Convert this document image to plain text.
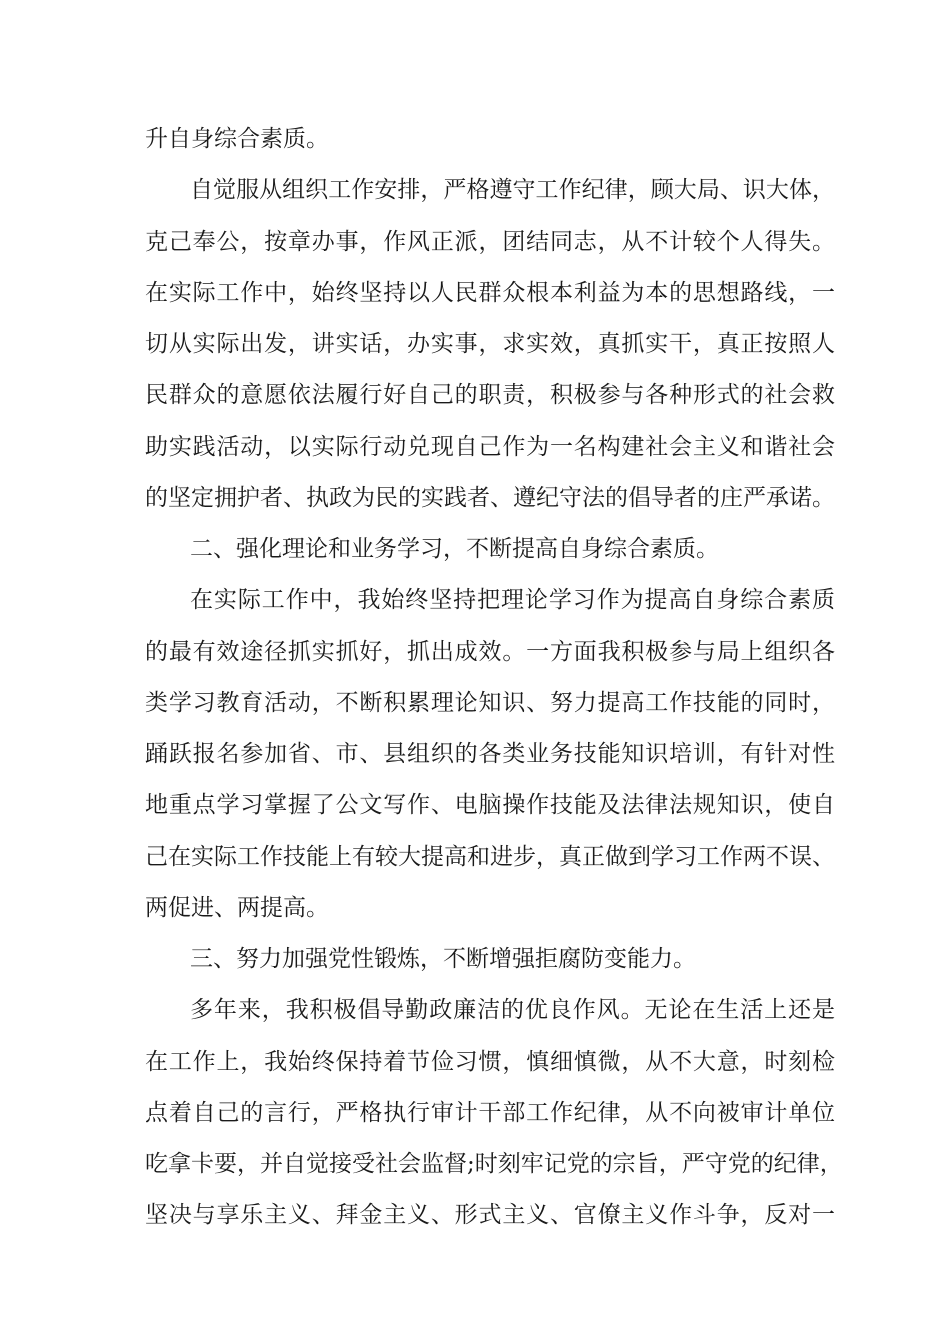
升自身综合素质。
自觉服从组织工作安排，严格遵守工作纪律，顾大局、识大体，
克己奉公，按章办事，作风正派，团结同志，从不计较个人得失。
在实际工作中，始终坚持以人民群众根本利益为本的思想路线，一
切从实际出发，讲实话，办实事，求实效，真抓实干，真正按照人
民群众的意愿依法履行好自己的职责，积极参与各种形式的社会救
助实践活动，以实际行动兑现自己作为一名构建社会主义和谐社会
的坚定拥护者、执政为民的实践者、遵纪守法的倡导者的庄严承诺。
二、强化理论和业务学习，不断提高自身综合素质。
在实际工作中，我始终坚持把理论学习作为提高自身综合素质
的最有效途径抓实抓好，抓出成效。一方面我积极参与局上组织各
类学习教育活动，不断积累理论知识、努力提高工作技能的同时，
踊跃报名参加省、市、县组织的各类业务技能知识培训，有针对性
地重点学习掌握了公文写作、电脑操作技能及法律法规知识，使自
己在实际工作技能上有较大提高和进步，真正做到学习工作两不误、
两促进、两提高。
三、努力加强党性锻炼，不断增强拒腐防变能力。
多年来，我积极倡导勤政廉洁的优良作风。无论在生活上还是
在工作上，我始终保持着节俭习惯，慎细慎微，从不大意，时刻检
点着自己的言行，严格执行审计干部工作纪律，从不向被审计单位
吃拿卡要，并自觉接受社会监督;时刻牢记党的宗旨，严守党的纪律，
坚决与享乐主义、拜金主义、形式主义、官僚主义作斗争，反对一
